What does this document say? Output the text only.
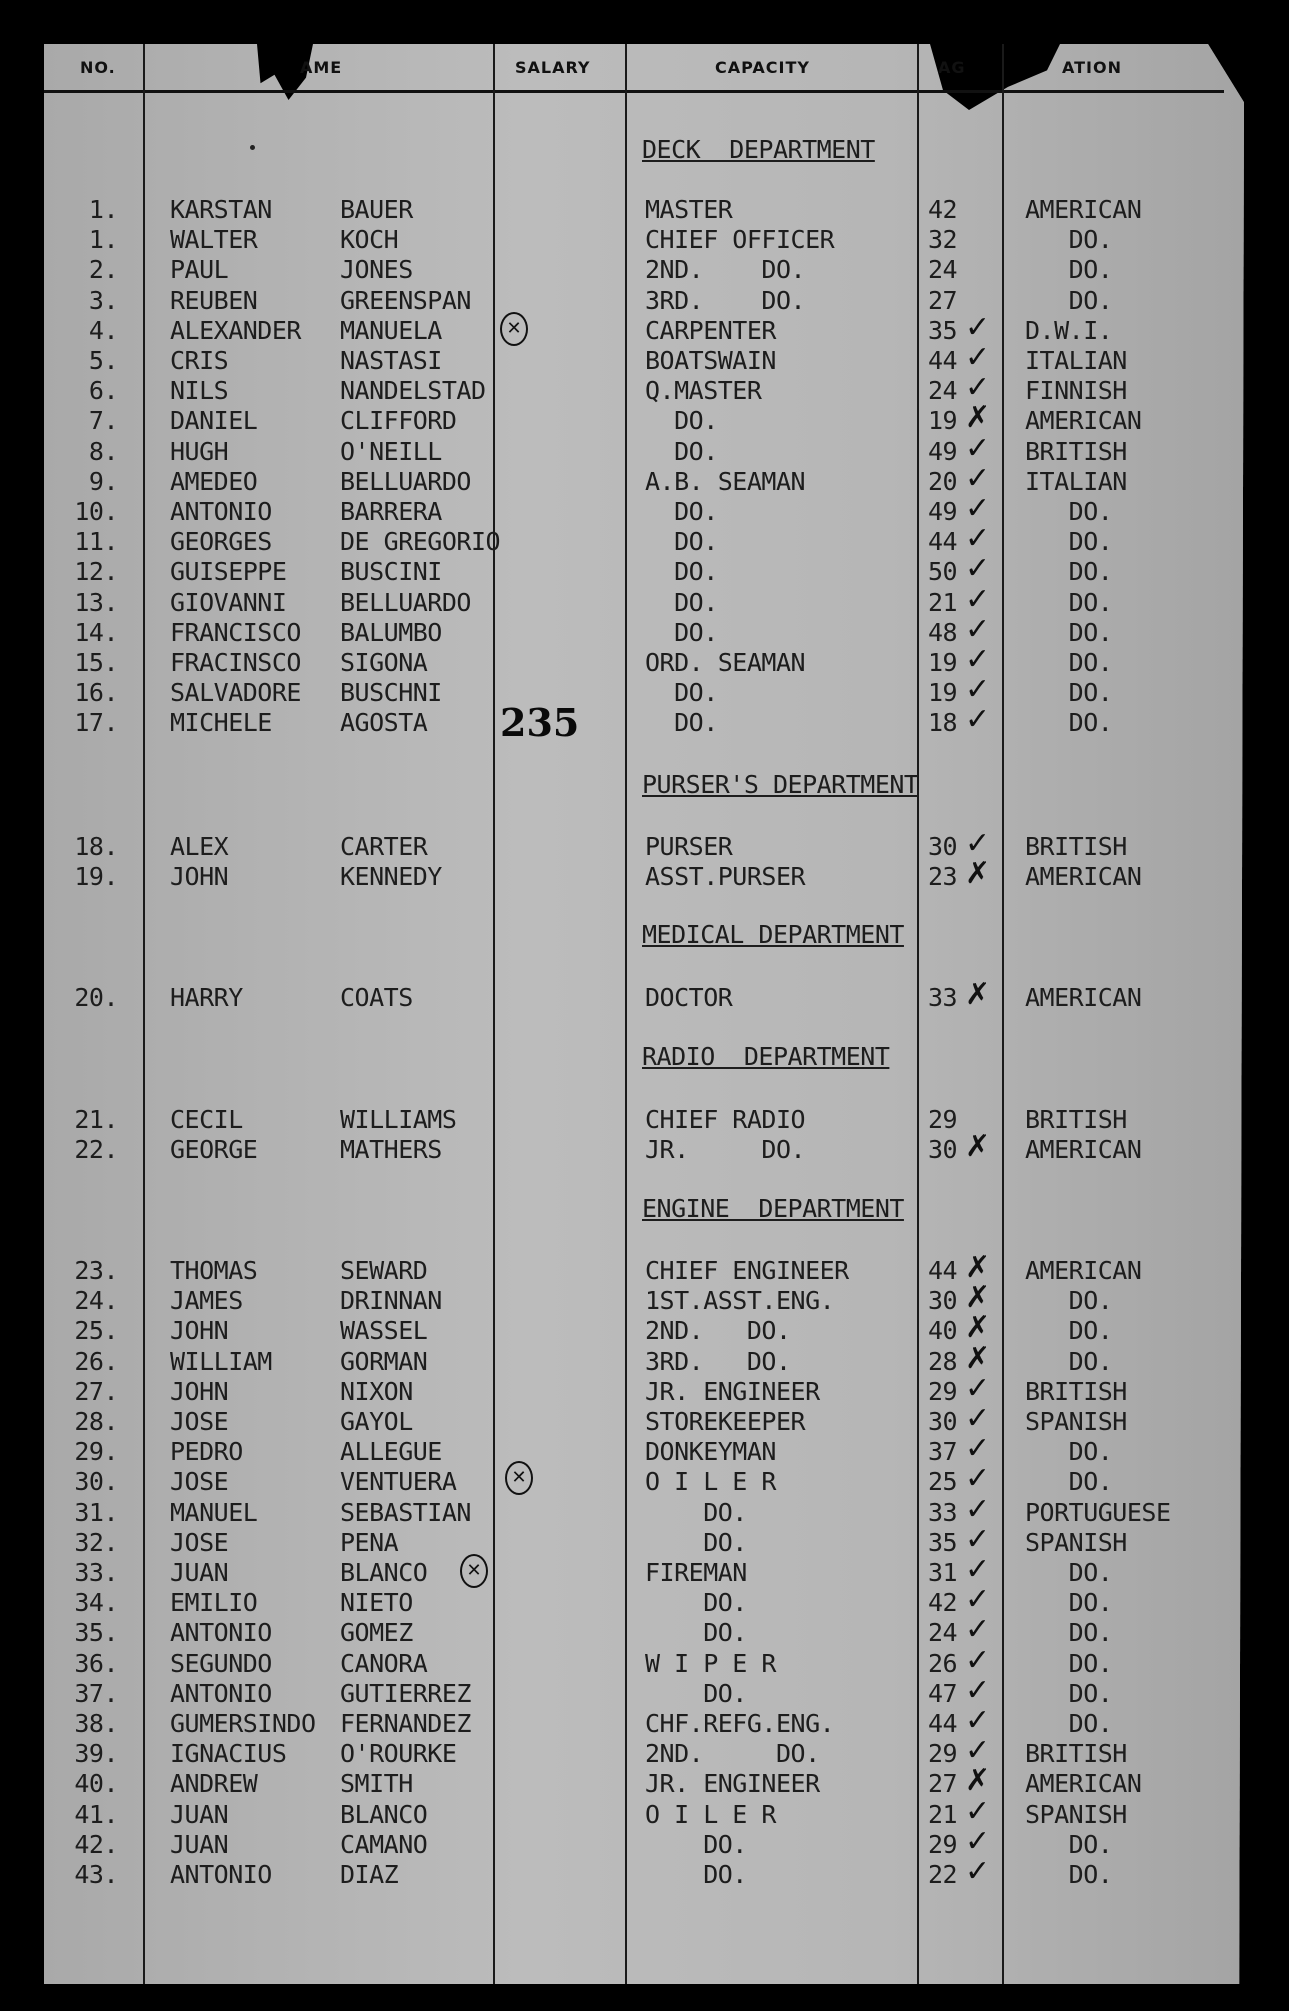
NO.	AME	SALARY	CAPACITY	AG	ATION
235
DECK  DEPARTMENT
1. KARSTAN	BAUER	MASTER	42	AMERICAN
1. WALTER	KOCH	CHIEF OFFICER	32	DO.
2. PAUL	JONES	2ND.    DO.	24	DO.
3. REUBEN	GREENSPAN	3RD.    DO.	27	DO.
4. ALEXANDER MANUELA	CARPENTER	35 ✓ D.W.I.
✕
5. CRIS	NASTASI	BOATSWAIN	44 ✓ ITALIAN
6. NILS	NANDELSTAD	Q.MASTER	24 ✓ FINNISH
7. DANIEL	CLIFFORD	DO.	19 ✗ AMERICAN
8. HUGH	O'NEILL	DO.	49 ✓ BRITISH
9. AMEDEO	BELLUARDO	A.B. SEAMAN	20 ✓ ITALIAN
10. ANTONIO	BARRERA	DO.	49 ✓ DO.
11. GEORGES	DE GREGORIO	DO.	44 ✓ DO.
12. GUISEPPE BUSCINI	DO.	50 ✓ DO.
13. GIOVANNI BELLUARDO	DO.	21 ✓ DO.
14. FRANCISCO BALUMBO	DO.	48 ✓ DO.
15. FRACINSCO SIGONA	ORD. SEAMAN	19 ✓ DO.
16. SALVADORE BUSCHNI	DO.	19 ✓ DO.
17. MICHELE	AGOSTA	DO.	18 ✓ DO.
PURSER'S DEPARTMENT
18. ALEX	CARTER	PURSER	30 ✓ BRITISH
19. JOHN	KENNEDY	ASST.PURSER	23 ✗ AMERICAN
MEDICAL DEPARTMENT
20. HARRY	COATS	DOCTOR	33 ✗ AMERICAN
RADIO  DEPARTMENT
21. CECIL	WILLIAMS	CHIEF RADIO	29	BRITISH
22. GEORGE	MATHERS	JR.     DO.	30 ✗ AMERICAN
ENGINE  DEPARTMENT
23. THOMAS	SEWARD	CHIEF ENGINEER	44 ✗ AMERICAN
24. JAMES	DRINNAN	1ST.ASST.ENG.	30 ✗ DO.
25. JOHN	WASSEL	2ND.   DO.	40 ✗ DO.
26. WILLIAM	GORMAN	3RD.   DO.	28 ✗ DO.
27. JOHN	NIXON	JR. ENGINEER	29 ✓ BRITISH
28. JOSE	GAYOL	STOREKEEPER	30 ✓ SPANISH
29. PEDRO	ALLEGUE	DONKEYMAN	37 ✓ DO.
30. JOSE	VENTUERA	O I L E R	25 ✓ DO.
✕
31. MANUEL	SEBASTIAN	DO.	33 ✓ PORTUGUESE
32. JOSE	PENA	DO.	35 ✓ SPANISH
33. JUAN	BLANCO	FIREMAN	31 ✓ DO.
✕
34. EMILIO	NIETO	DO.	42 ✓ DO.
35. ANTONIO	GOMEZ	DO.	24 ✓ DO.
36. SEGUNDO	CANORA	W I P E R	26 ✓ DO.
37. ANTONIO	GUTIERREZ	DO.	47 ✓ DO.
38. GUMERSINDO FERNANDEZ	CHF.REFG.ENG.	44 ✓ DO.
39. IGNACIUS O'ROURKE	2ND.     DO.	29 ✓ BRITISH
40. ANDREW	SMITH	JR. ENGINEER	27 ✗ AMERICAN
41. JUAN	BLANCO	O I L E R	21 ✓ SPANISH
42. JUAN	CAMANO	DO.	29 ✓ DO.
43. ANTONIO	DIAZ	DO.	22 ✓ DO.
